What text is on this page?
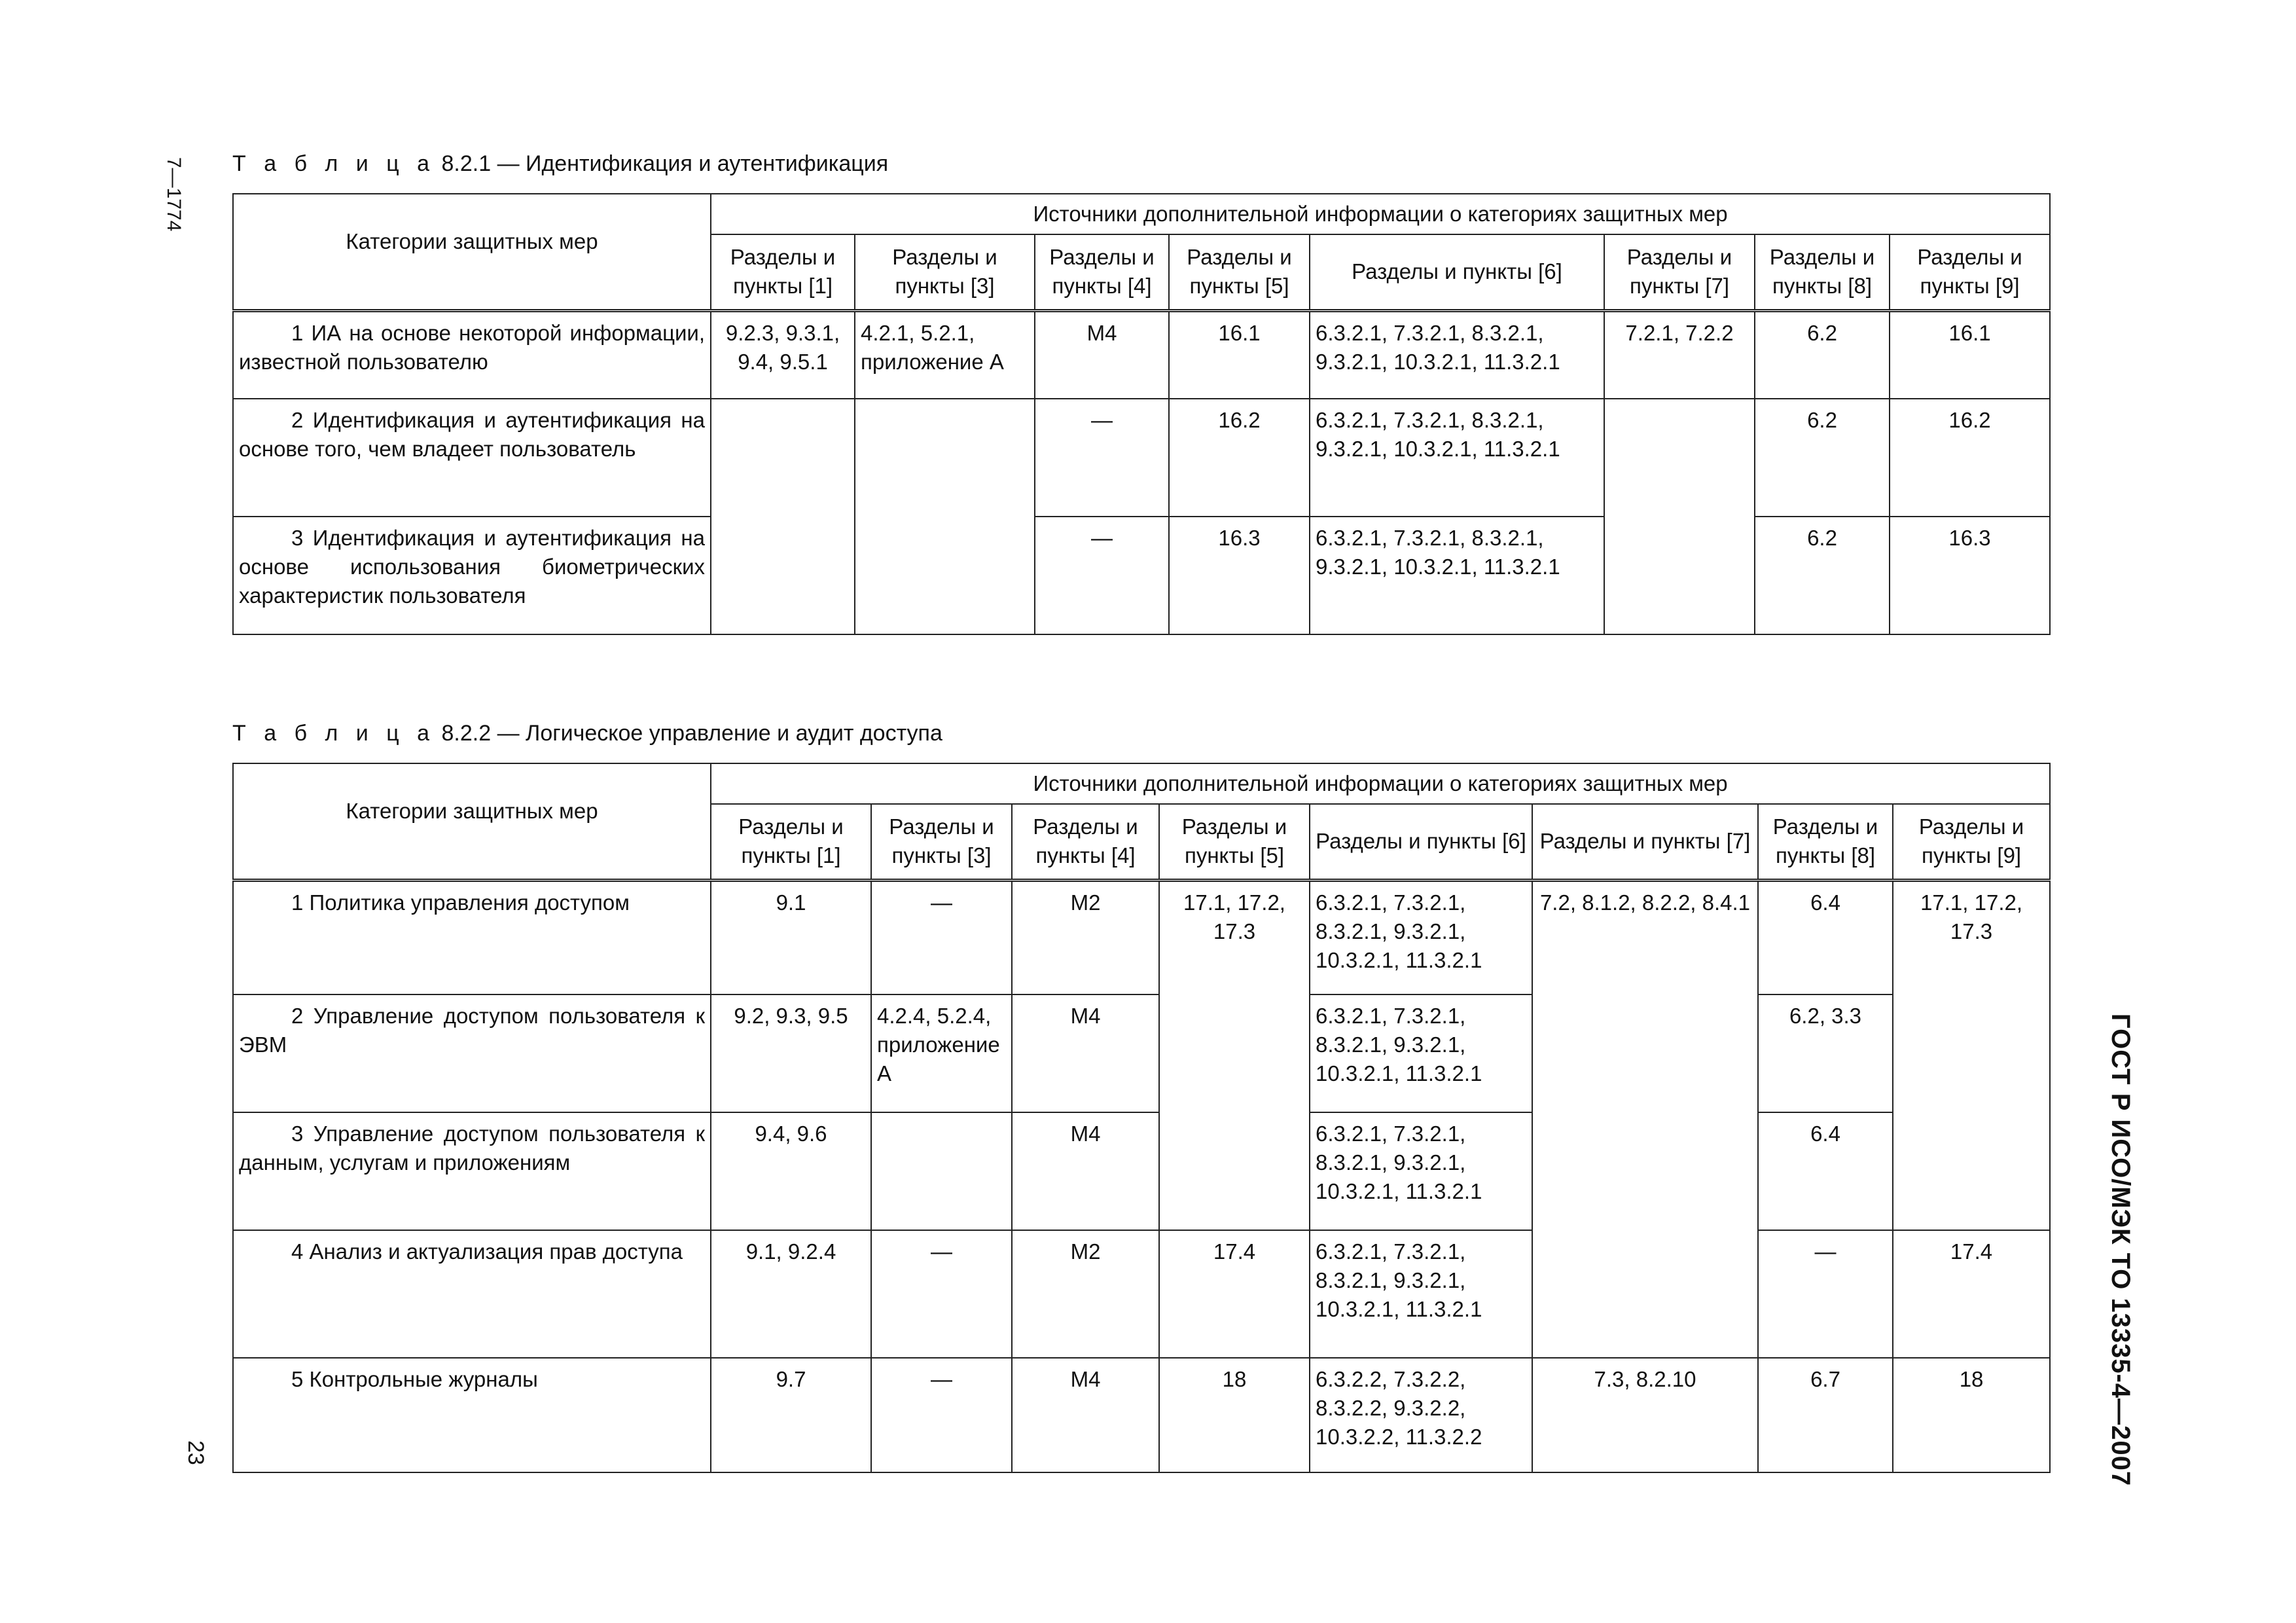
7—1774
23	ГОСТ Р ИСО/МЭК ТО 13335-4—2007
Т а б л и ц а 8.2.1 — Идентификация и аутентификация
Категории защитных мер	Источники дополнительной информации о категориях защитных мер							
	Разделы и пункты [1]	Разделы и пункты [3]	Разделы и пункты [4]	Разделы и пункты [5]	Разделы и пункты [6]	Разделы и пункты [7]	Разделы и пункты [8]	Разделы и пункты [9]
1 ИА на основе некоторой информации, известной пользователю	9.2.3, 9.3.1, 9.4, 9.5.1	4.2.1, 5.2.1, приложение А	М4	16.1	6.3.2.1, 7.3.2.1, 8.3.2.1, 9.3.2.1, 10.3.2.1, 11.3.2.1	7.2.1, 7.2.2	6.2	16.1
2 Идентификация и аутентификация на основе того, чем владеет пользователь			—	16.2	6.3.2.1, 7.3.2.1, 8.3.2.1, 9.3.2.1, 10.3.2.1, 11.3.2.1		6.2	16.2
3 Идентификация и аутентификация на основе использования биометрических характеристик пользователя			—	16.3	6.3.2.1, 7.3.2.1, 8.3.2.1, 9.3.2.1, 10.3.2.1, 11.3.2.1		6.2	16.3
Т а б л и ц а 8.2.2 — Логическое управление и аудит доступа
Категории защитных мер	Источники дополнительной информации о категориях защитных мер							
	Разделы и пункты [1]	Разделы и пункты [3]	Разделы и пункты [4]	Разделы и пункты [5]	Разделы и пункты [6]	Разделы и пункты [7]	Разделы и пункты [8]	Разделы и пункты [9]
1 Политика управления доступом	9.1	—	М2	17.1, 17.2, 17.3	6.3.2.1, 7.3.2.1, 8.3.2.1, 9.3.2.1, 10.3.2.1, 11.3.2.1	7.2, 8.1.2, 8.2.2, 8.4.1	6.4	17.1, 17.2, 17.3
2 Управление доступом пользователя к ЭВМ	9.2, 9.3, 9.5	4.2.4, 5.2.4, приложение А	М4		6.3.2.1, 7.3.2.1, 8.3.2.1, 9.3.2.1, 10.3.2.1, 11.3.2.1		6.2, 3.3	
3 Управление доступом пользователя к данным, услугам и приложениям	9.4, 9.6		М4		6.3.2.1, 7.3.2.1, 8.3.2.1, 9.3.2.1, 10.3.2.1, 11.3.2.1		6.4	
4 Анализ и актуализация прав доступа	9.1, 9.2.4	—	М2	17.4	6.3.2.1, 7.3.2.1, 8.3.2.1, 9.3.2.1, 10.3.2.1, 11.3.2.1		—	17.4
5 Контрольные журналы	9.7	—	М4	18	6.3.2.2, 7.3.2.2, 8.3.2.2, 9.3.2.2, 10.3.2.2, 11.3.2.2	7.3, 8.2.10	6.7	18
